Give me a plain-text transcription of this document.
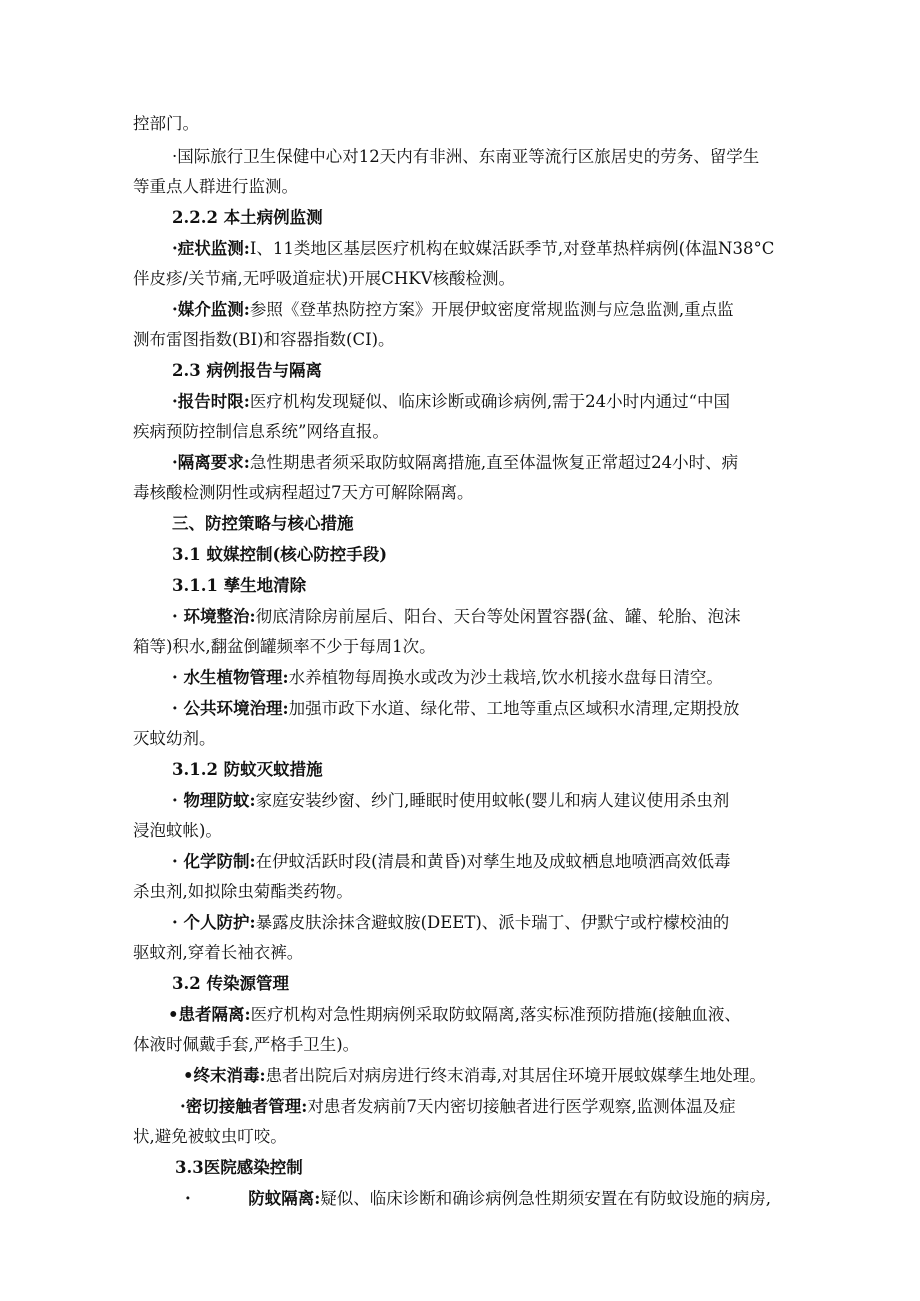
控部门。
·国际旅行卫生保健中心对12天内有非洲、东南亚等流行区旅居史的劳务、留学生
等重点人群进行监测。
2.2.2 本土病例监测
·症状监测:I、11类地区基层医疗机构在蚊媒活跃季节,对登革热样病例(体温N38°C
伴皮疹/关节痛,无呼吸道症状)开展CHKV核酸检测。
·媒介监测:参照《登革热防控方案》开展伊蚊密度常规监测与应急监测,重点监
测布雷图指数(BI)和容器指数(CI)。
2.3 病例报告与隔离
·报告时限:医疗机构发现疑似、临床诊断或确诊病例,需于24小时内通过“中国
疾病预防控制信息系统”网络直报。
·隔离要求:急性期患者须采取防蚊隔离措施,直至体温恢复正常超过24小时、病
毒核酸检测阴性或病程超过7天方可解除隔离。
三、防控策略与核心措施
3.1 蚊媒控制(核心防控手段)
3.1.1 孳生地清除
· 环境整治:彻底清除房前屋后、阳台、天台等处闲置容器(盆、罐、轮胎、泡沫
箱等)积水,翻盆倒罐频率不少于每周1次。
· 水生植物管理:水养植物每周换水或改为沙土栽培,饮水机接水盘每日清空。
· 公共环境治理:加强市政下水道、绿化带、工地等重点区域积水清理,定期投放
灭蚊幼剂。
3.1.2 防蚊灭蚊措施
· 物理防蚊:家庭安装纱窗、纱门,睡眠时使用蚊帐(婴儿和病人建议使用杀虫剂
浸泡蚊帐)。
· 化学防制:在伊蚊活跃时段(清晨和黄昏)对孳生地及成蚊栖息地喷洒高效低毒
杀虫剂,如拟除虫菊酯类药物。
· 个人防护:暴露皮肤涂抹含避蚊胺(DEET)、派卡瑞丁、伊默宁或柠檬校油的
驱蚊剂,穿着长袖衣裤。
3.2 传染源管理
•患者隔离:医疗机构对急性期病例采取防蚊隔离,落实标准预防措施(接触血液、
体液时佩戴手套,严格手卫生)。
•终末消毒:患者出院后对病房进行终末消毒,对其居住环境开展蚊媒孳生地处理。
·密切接触者管理:对患者发病前7天内密切接触者进行医学观察,监测体温及症
状,避免被蚊虫叮咬。
3.3医院感染控制
·          防蚊隔离:疑似、临床诊断和确诊病例急性期须安置在有防蚊设施的病房,
